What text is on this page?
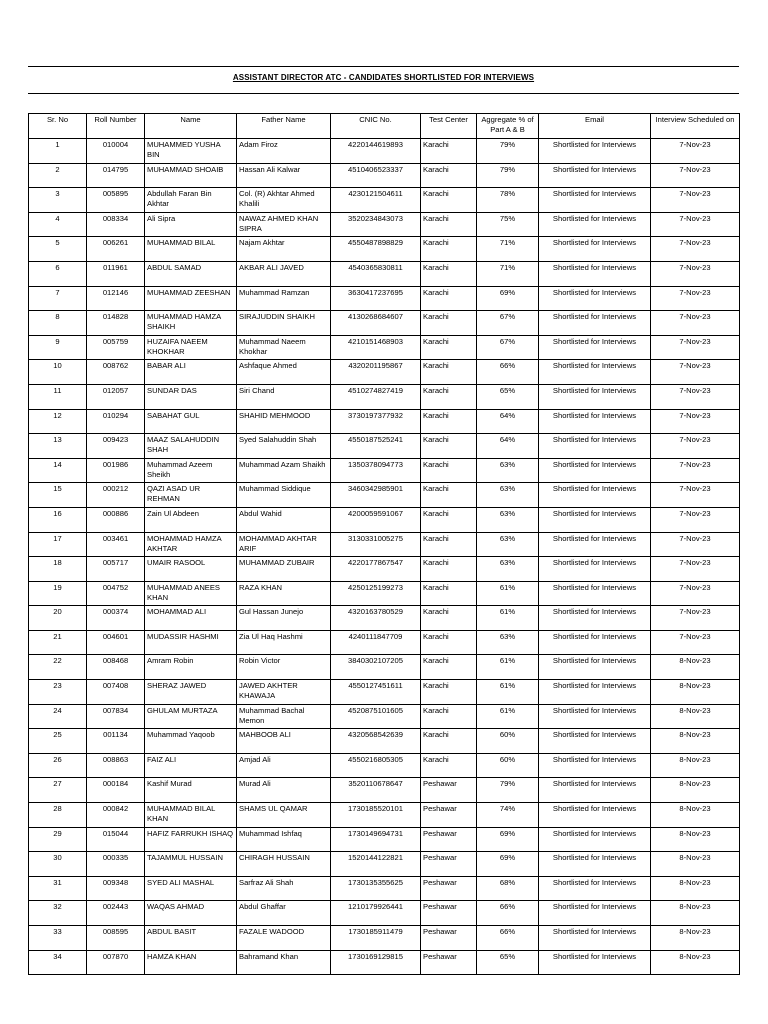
ASSISTANT DIRECTOR ATC - CANDIDATES SHORTLISTED FOR INTERVIEWS
Sr. No	Roll Number	Name	Father Name	CNIC No.	Test Center	Aggregate % of Part A & B	Email	Interview Scheduled on
1	010004	MUHAMMED YUSHA BIN	Adam Firoz	4220144619893	Karachi	79%	Shortlisted for Interviews	7-Nov-23
2	014795	MUHAMMAD SHOAIB	Hassan Ali Kalwar	4510406523337	Karachi	79%	Shortlisted for Interviews	7-Nov-23
3	005895	Abdullah Faran Bin Akhtar	Col. (R) Akhtar Ahmed Khalili	4230121504611	Karachi	78%	Shortlisted for Interviews	7-Nov-23
4	008334	Ali Sipra	NAWAZ AHMED KHAN SIPRA	3520234843073	Karachi	75%	Shortlisted for Interviews	7-Nov-23
5	006261	MUHAMMAD BILAL	Najam Akhtar	4550487898829	Karachi	71%	Shortlisted for Interviews	7-Nov-23
6	011961	ABDUL SAMAD	AKBAR ALI JAVED	4540365830811	Karachi	71%	Shortlisted for Interviews	7-Nov-23
7	012146	MUHAMMAD ZEESHAN	Muhammad Ramzan	3630417237695	Karachi	69%	Shortlisted for Interviews	7-Nov-23
8	014828	MUHAMMAD HAMZA SHAIKH	SIRAJUDDIN SHAIKH	4130268684607	Karachi	67%	Shortlisted for Interviews	7-Nov-23
9	005759	HUZAIFA NAEEM KHOKHAR	Muhammad Naeem Khokhar	4210151468903	Karachi	67%	Shortlisted for Interviews	7-Nov-23
10	008762	BABAR ALI	Ashfaque Ahmed	4320201195867	Karachi	66%	Shortlisted for Interviews	7-Nov-23
11	012057	SUNDAR DAS	Siri Chand	4510274827419	Karachi	65%	Shortlisted for Interviews	7-Nov-23
12	010294	SABAHAT GUL	SHAHID MEHMOOD	3730197377932	Karachi	64%	Shortlisted for Interviews	7-Nov-23
13	009423	MAAZ SALAHUDDIN SHAH	Syed Salahuddin Shah	4550187525241	Karachi	64%	Shortlisted for Interviews	7-Nov-23
14	001986	Muhammad Azeem Sheikh	Muhammad Azam Shaikh	1350378094773	Karachi	63%	Shortlisted for Interviews	7-Nov-23
15	000212	QAZI ASAD UR REHMAN	Muhammad Siddique	3460342985901	Karachi	63%	Shortlisted for Interviews	7-Nov-23
16	000886	Zain Ul Abdeen	Abdul Wahid	4200059591067	Karachi	63%	Shortlisted for Interviews	7-Nov-23
17	003461	MOHAMMAD HAMZA AKHTAR	MOHAMMAD AKHTAR ARIF	3130331005275	Karachi	63%	Shortlisted for Interviews	7-Nov-23
18	005717	UMAIR RASOOL	MUHAMMAD ZUBAIR	4220177867547	Karachi	63%	Shortlisted for Interviews	7-Nov-23
19	004752	MUHAMMAD ANEES KHAN	RAZA KHAN	4250125199273	Karachi	61%	Shortlisted for Interviews	7-Nov-23
20	000374	MOHAMMAD ALI	Gul Hassan Junejo	4320163780529	Karachi	61%	Shortlisted for Interviews	7-Nov-23
21	004601	MUDASSIR HASHMI	Zia Ul Haq Hashmi	4240111847709	Karachi	63%	Shortlisted for Interviews	7-Nov-23
22	008468	Amram Robin	Robin Victor	3840302107205	Karachi	61%	Shortlisted for Interviews	8-Nov-23
23	007408	SHERAZ JAWED	JAWED AKHTER KHAWAJA	4550127451611	Karachi	61%	Shortlisted for Interviews	8-Nov-23
24	007834	GHULAM MURTAZA	Muhammad Bachal Memon	4520875101605	Karachi	61%	Shortlisted for Interviews	8-Nov-23
25	001134	Muhammad Yaqoob	MAHBOOB ALI	4320568542639	Karachi	60%	Shortlisted for Interviews	8-Nov-23
26	008863	FAIZ ALI	Amjad Ali	4550216805305	Karachi	60%	Shortlisted for Interviews	8-Nov-23
27	000184	Kashif Murad	Murad Ali	3520110678647	Peshawar	79%	Shortlisted for Interviews	8-Nov-23
28	000842	MUHAMMAD BILAL KHAN	SHAMS UL QAMAR	1730185520101	Peshawar	74%	Shortlisted for Interviews	8-Nov-23
29	015044	HAFIZ FARRUKH ISHAQ	Muhammad Ishfaq	1730149694731	Peshawar	69%	Shortlisted for Interviews	8-Nov-23
30	000335	TAJAMMUL HUSSAIN	CHIRAGH HUSSAIN	1520144122821	Peshawar	69%	Shortlisted for Interviews	8-Nov-23
31	009348	SYED ALI MASHAL	Sarfraz Ali Shah	1730135355625	Peshawar	68%	Shortlisted for Interviews	8-Nov-23
32	002443	WAQAS AHMAD	Abdul Ghaffar	1210179926441	Peshawar	66%	Shortlisted for Interviews	8-Nov-23
33	008595	ABDUL BASIT	FAZALE WADOOD	1730185911479	Peshawar	66%	Shortlisted for Interviews	8-Nov-23
34	007870	HAMZA KHAN	Bahramand Khan	1730169129815	Peshawar	65%	Shortlisted for Interviews	8-Nov-23
